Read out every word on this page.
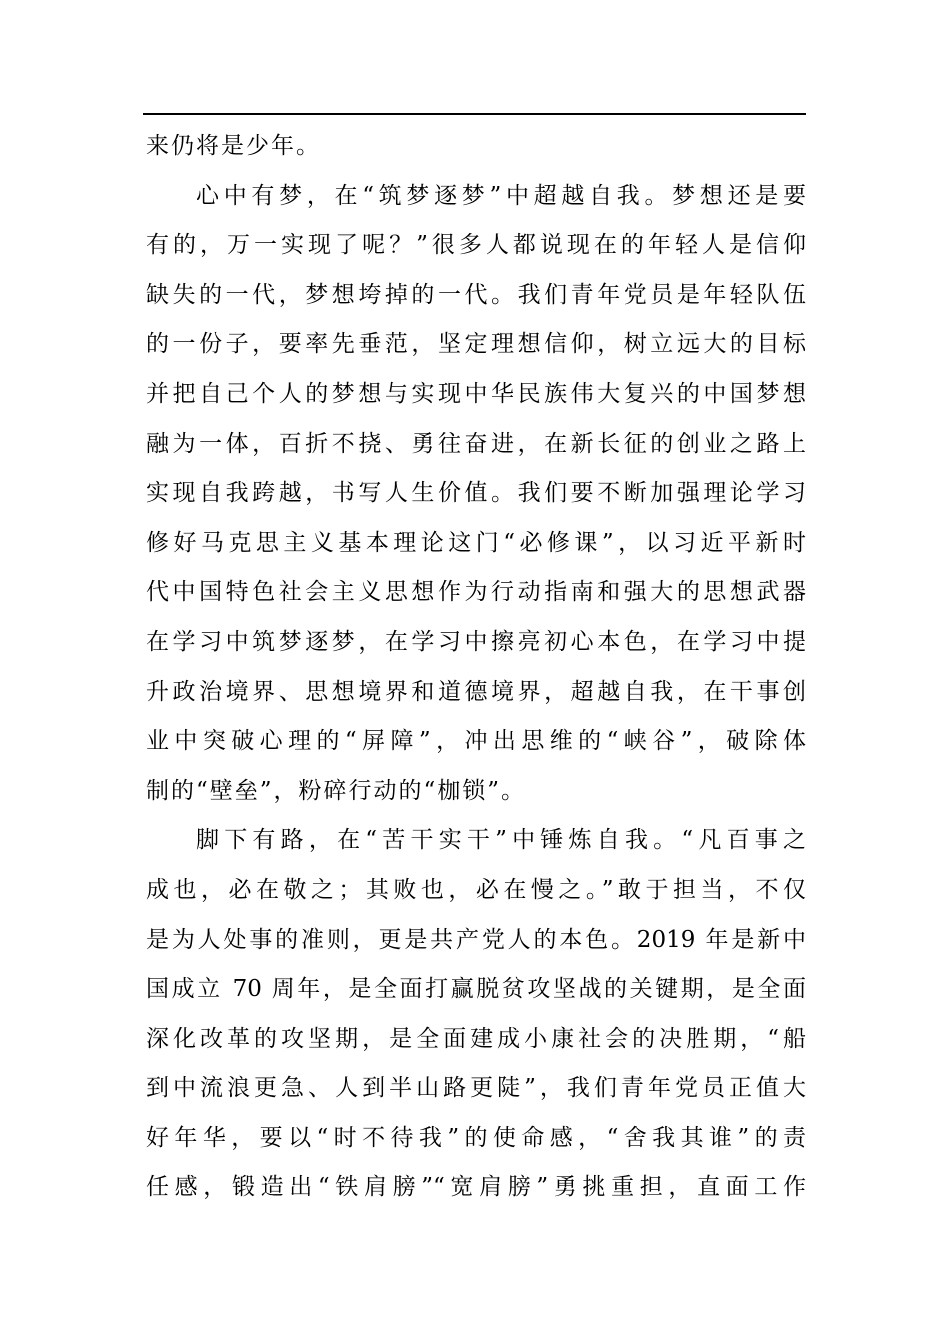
来仍将是少年。
心中有梦，在“筑梦逐梦”中超越自我。梦想还是要
有的，万一实现了呢？”很多人都说现在的年轻人是信仰
缺失的一代，梦想垮掉的一代。我们青年党员是年轻队伍
的一份子，要率先垂范，坚定理想信仰，树立远大的目标
并把自己个人的梦想与实现中华民族伟大复兴的中国梦想
融为一体，百折不挠、勇往奋进，在新长征的创业之路上
实现自我跨越，书写人生价值。我们要不断加强理论学习
修好马克思主义基本理论这门“必修课”，以习近平新时
代中国特色社会主义思想作为行动指南和强大的思想武器
在学习中筑梦逐梦，在学习中擦亮初心本色，在学习中提
升政治境界、思想境界和道德境界，超越自我，在干事创
业中突破心理的“屏障”，冲出思维的“峡谷”，破除体
制的“壁垒”，粉碎行动的“枷锁”。
脚下有路，在“苦干实干”中锤炼自我。“凡百事之
成也，必在敬之；其败也，必在慢之。”敢于担当，不仅
是为人处事的准则，更是共产党人的本色。2019 年是新中
国成立 70 周年，是全面打赢脱贫攻坚战的关键期，是全面
深化改革的攻坚期，是全面建成小康社会的决胜期，“船
到中流浪更急、人到半山路更陡”，我们青年党员正值大
好年华，要以“时不待我”的使命感，“舍我其谁”的责
任感，锻造出“铁肩膀”“宽肩膀”勇挑重担，直面工作
